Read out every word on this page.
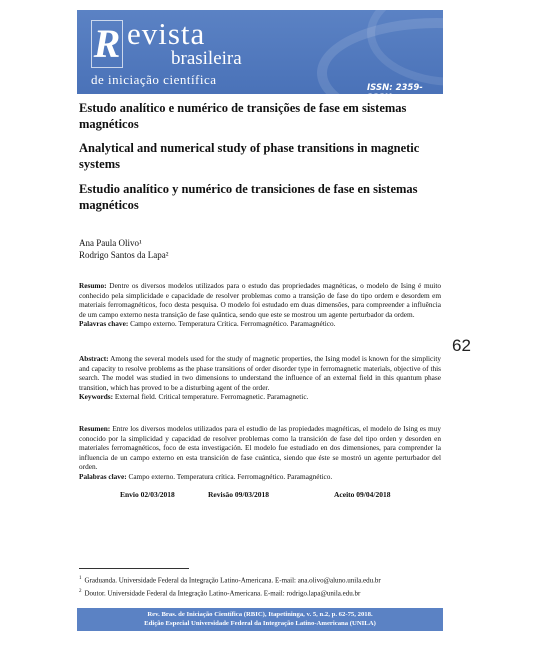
R evista
brasileira
de iniciação científica
ISSN: 2359-232X
Estudo analítico e numérico de transições de fase em sistemas magnéticos
Analytical and numerical study of phase transitions in magnetic systems
Estudio analítico y numérico de transiciones de fase en sistemas magnéticos
Ana Paula Olivo¹
Rodrigo Santos da Lapa²
62
Resumo: Dentre os diversos modelos utilizados para o estudo das propriedades magnéticas, o modelo de Ising é muito conhecido pela simplicidade e capacidade de resolver problemas como a transição de fase do tipo ordem e desordem em materiais ferromagnéticos, foco desta pesquisa. O modelo foi estudado em duas dimensões, para compreender a influência de um campo externo nesta transição de fase quântica, sendo que este se mostrou um agente perturbador da ordem.
Palavras chave: Campo externo. Temperatura Crítica. Ferromagnético. Paramagnético.
Abstract: Among the several models used for the study of magnetic properties, the Ising model is known for the simplicity and capacity to resolve problems as the phase transitions of order disorder type in ferromagnetic materials, objective of this search. The model was studied in two dimensions to understand the influence of an external field in this quantum phase transition, which has proved to be a disturbing agent of the order.
Keywords: External field. Critical temperature. Ferromagnetic. Paramagnetic.
Resumen: Entre los diversos modelos utilizados para el estudio de las propiedades magnéticas, el modelo de Ising es muy conocido por la simplicidad y capacidad de resolver problemas como la transición de fase del tipo orden y desorden en materiales ferromagnéticos, foco de esta investigación. El modelo fue estudiado en dos dimensiones, para comprender la influencia de un campo externo en esta transición de fase cuántica, siendo que éste se mostró un agente perturbador del orden.
Palabras clave: Campo externo. Temperatura crítica. Ferromagnético. Paramagnético.
Envio 02/03/2018	Revisão 09/03/2018	Aceito 09/04/2018
$^1$ Graduanda. Universidade Federal da Integração Latino-Americana. E-mail: ana.olivo@aluno.unila.edu.br
$^2$ Doutor. Universidade Federal da Integração Latino-Americana. E-mail: rodrigo.lapa@unila.edu.br
Rev. Bras. de Iniciação Científica (RBIC), Itapetininga, v. 5, n.2, p. 62-75, 2018.
Edição Especial Universidade Federal da Integração Latino-Americana (UNILA)
